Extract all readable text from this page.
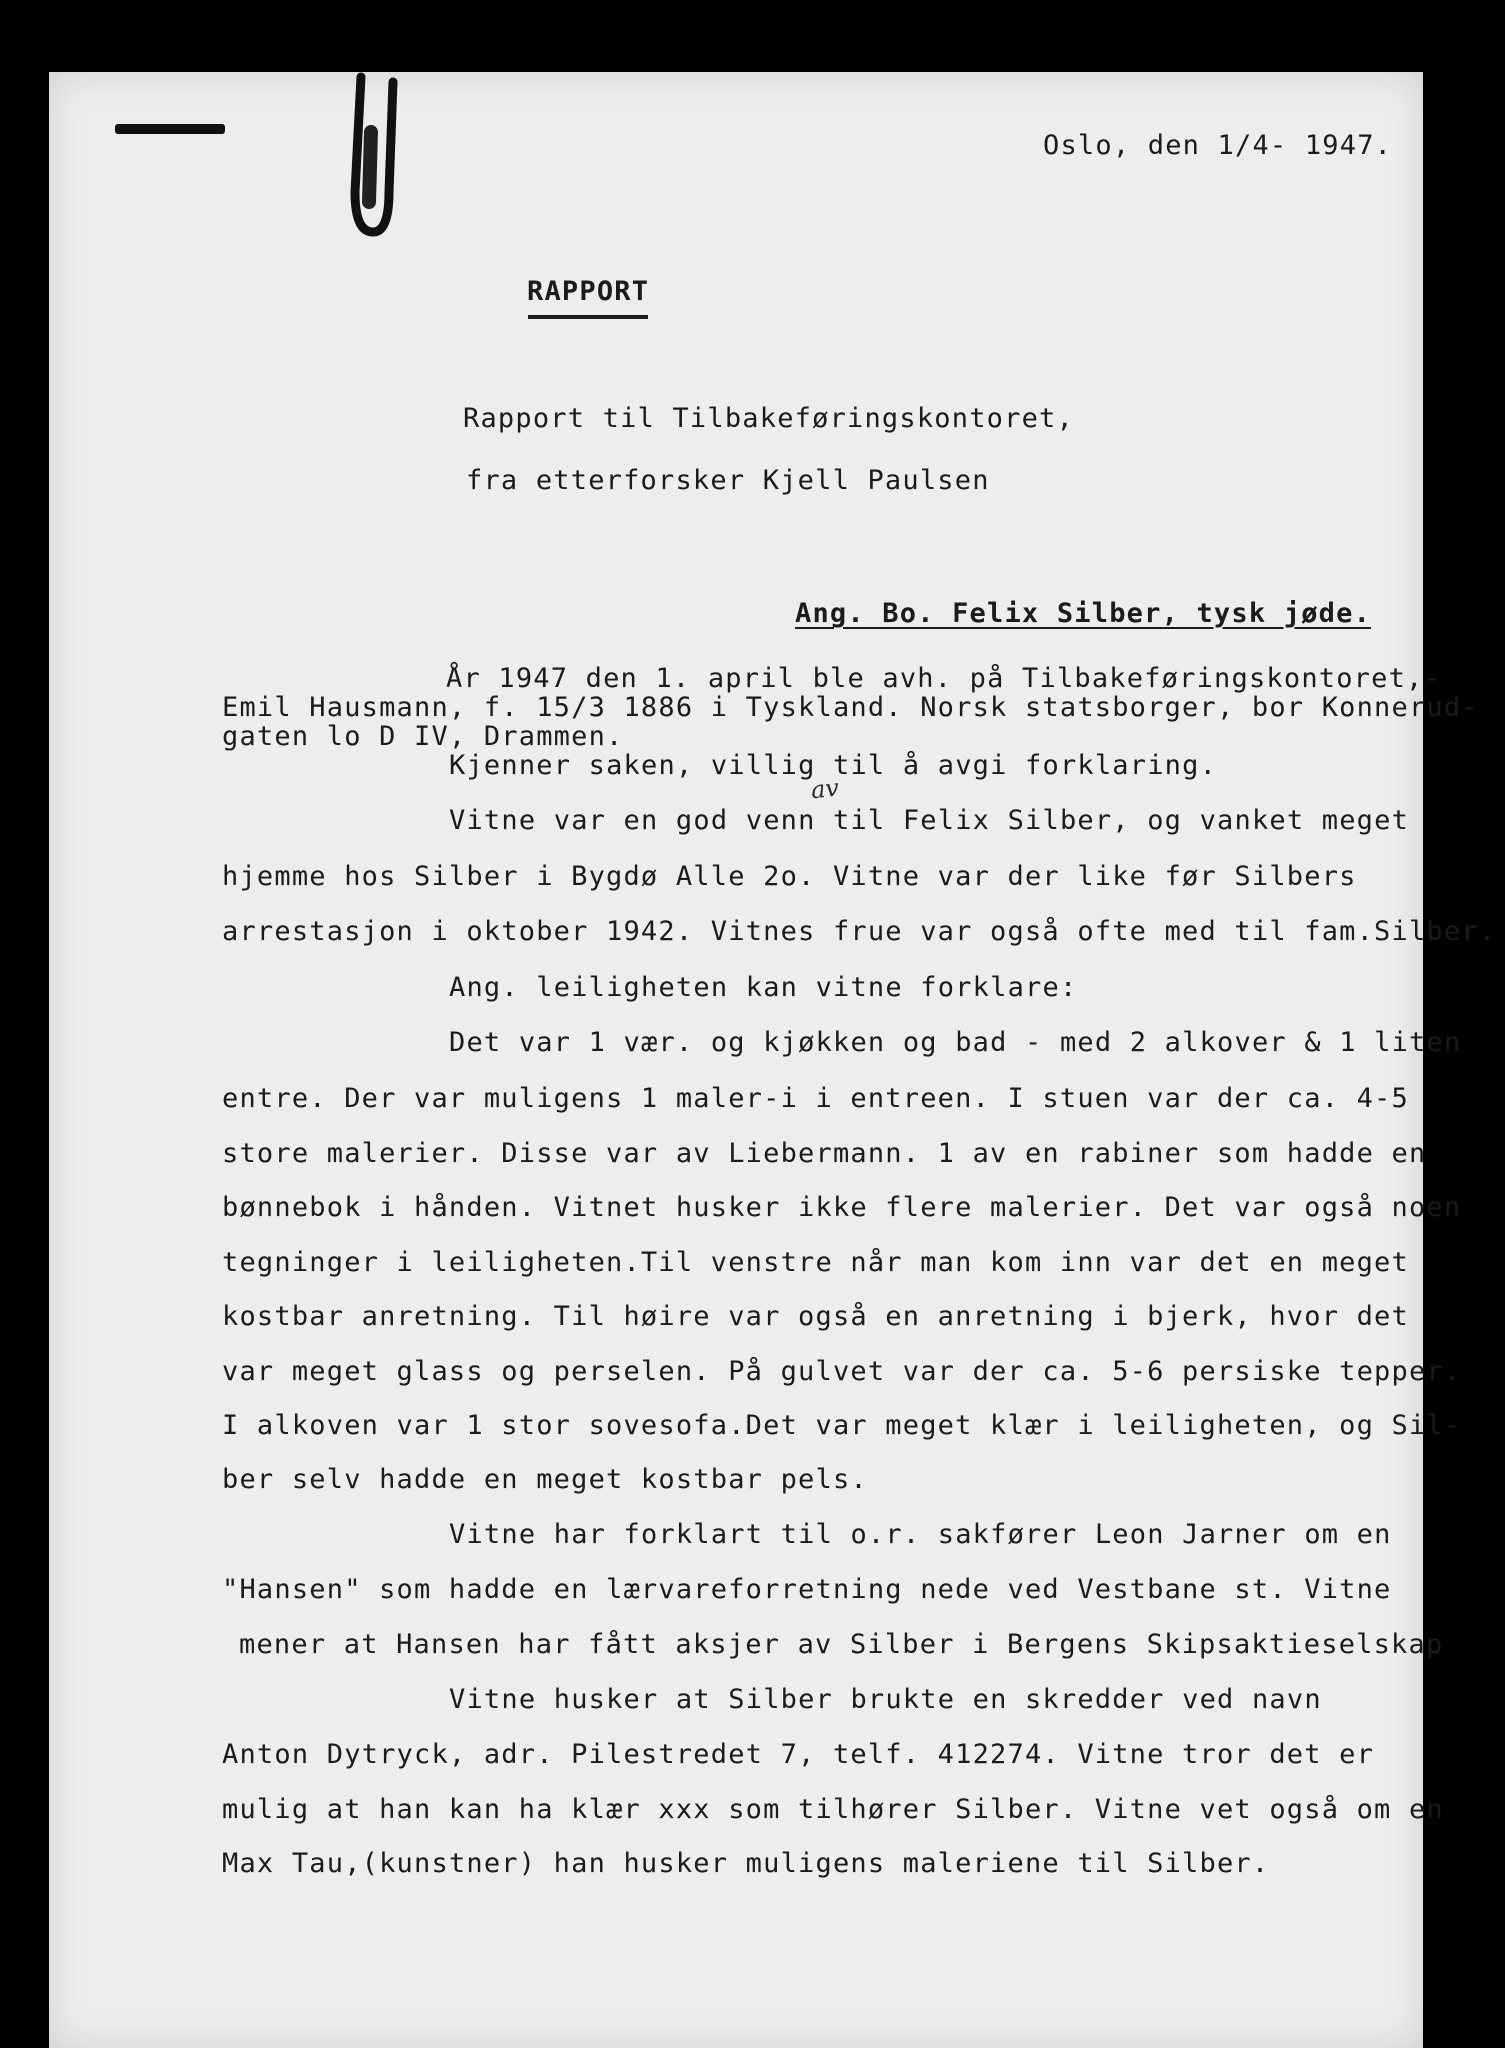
Oslo, den 1/4- 1947.
RAPPORT
Rapport til Tilbakeføringskontoret,
fra etterforsker Kjell Paulsen
Ang. Bo. Felix Silber, tysk jøde.
År 1947 den 1. april ble avh. på Tilbakeføringskontoret,-
Emil Hausmann, f. 15/3 1886 i Tyskland. Norsk statsborger, bor Konnerud-
gaten lo D IV, Drammen.
Kjenner saken, villig til å avgi forklaring.
av
Vitne var en god venn til Felix Silber, og vanket meget
hjemme hos Silber i Bygdø Alle 2o. Vitne var der like før Silbers
arrestasjon i oktober 1942. Vitnes frue var også ofte med til fam.Silber.
Ang. leiligheten kan vitne forklare:
Det var 1 vær. og kjøkken og bad - med 2 alkover & 1 liten
entre. Der var muligens 1 maler-i i entreen. I stuen var der ca. 4-5
store malerier. Disse var av Liebermann. 1 av en rabiner som hadde en
bønnebok i hånden. Vitnet husker ikke flere malerier. Det var også noen
tegninger i leiligheten.Til venstre når man kom inn var det en meget
kostbar anretning. Til høire var også en anretning i bjerk, hvor det
var meget glass og perselen. På gulvet var der ca. 5-6 persiske tepper.
I alkoven var 1 stor sovesofa.Det var meget klær i leiligheten, og Sil-
ber selv hadde en meget kostbar pels.
Vitne har forklart til o.r. sakfører Leon Jarner om en
"Hansen" som hadde en lærvareforretning nede ved Vestbane st. Vitne
mener at Hansen har fått aksjer av Silber i Bergens Skipsaktieselskap
Vitne husker at Silber brukte en skredder ved navn
Anton Dytryck, adr. Pilestredet 7, telf. 412274. Vitne tror det er
mulig at han kan ha klær xxx som tilhører Silber. Vitne vet også om en
Max Tau,(kunstner) han husker muligens maleriene til Silber.
